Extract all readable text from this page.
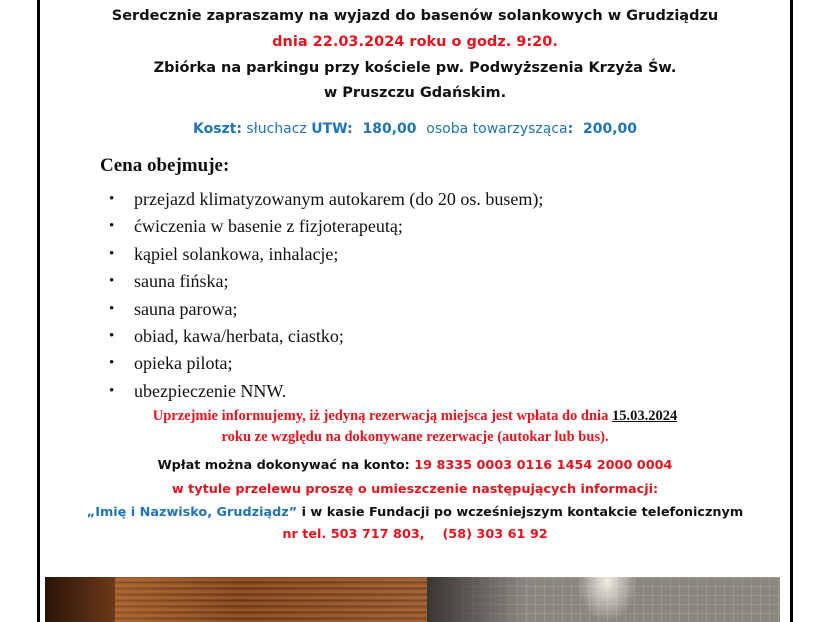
Serdecznie zapraszamy na wyjazd do basenów solankowych w Grudziądzu
dnia 22.03.2024 roku o godz. 9:20.
Zbiórka na parkingu przy kościele pw. Podwyższenia Krzyża Św.
w Pruszczu Gdańskim.
Koszt: słuchacz UTW:  180,00  osoba towarzysząca:  200,00
Cena obejmuje:
• przejazd klimatyzowanym autokarem (do 20 os. busem);
• ćwiczenia w basenie z fizjoterapeutą;
• kąpiel solankowa, inhalacje;
• sauna fińska;
• sauna parowa;
• obiad, kawa/herbata, ciastko;
• opieka pilota;
• ubezpieczenie NNW.
Uprzejmie informujemy, iż jedyną rezerwacją miejsca jest wpłata do dnia 15.03.2024
roku ze względu na dokonywane rezerwacje (autokar lub bus).
Wpłat można dokonywać na konto: 19 8335 0003 0116 1454 2000 0004
w tytule przelewu proszę o umieszczenie następujących informacji:
„Imię i Nazwisko, Grudziądz” i w kasie Fundacji po wcześniejszym kontakcie telefonicznym
nr tel. 503 717 803,    (58) 303 61 92
